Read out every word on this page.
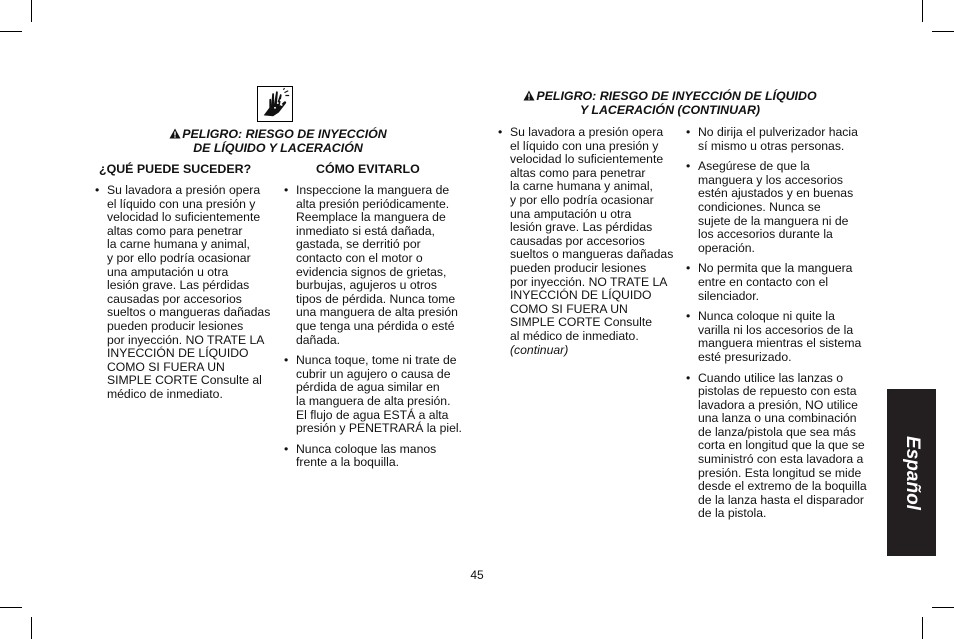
PELIGRO: RIESGO DE INYECCIÓN
DE LÍQUIDO Y LACERACIÓN
¿QUÉ PUEDE SUCEDER?	CÓMO EVITARLO
• Su lavadora a presión opera
el líquido con una presión y
velocidad lo suficientemente
altas como para penetrar
la carne humana y animal,
y por ello podría ocasionar
una amputación u otra
lesión grave. Las pérdidas
causadas por accesorios
sueltos o mangueras dañadas
pueden producir lesiones
por inyección. NO TRATE LA
INYECCIÓN DE LÍQUIDO
COMO SI FUERA UN
SIMPLE CORTE Consulte al
médico de inmediato.
• Inspeccione la manguera de
alta presión periódicamente.
Reemplace la manguera de
inmediato si está dañada,
gastada, se derritió por
contacto con el motor o
evidencia signos de grietas,
burbujas, agujeros u otros
tipos de pérdida. Nunca tome
una manguera de alta presión
que tenga una pérdida o esté
dañada.
• Nunca toque, tome ni trate de
cubrir un agujero o causa de
pérdida de agua similar en
la manguera de alta presión.
El flujo de agua ESTÁ a alta
presión y PENETRARÁ la piel.
• Nunca coloque las manos
frente a la boquilla.
PELIGRO: RIESGO DE INYECCIÓN DE LÍQUIDO
Y LACERACIÓN (CONTINUAR)
• Su lavadora a presión opera
el líquido con una presión y
velocidad lo suficientemente
altas como para penetrar
la carne humana y animal,
y por ello podría ocasionar
una amputación u otra
lesión grave. Las pérdidas
causadas por accesorios
sueltos o mangueras dañadas
pueden producir lesiones
por inyección. NO TRATE LA
INYECCIÓN DE LÍQUIDO
COMO SI FUERA UN
SIMPLE CORTE Consulte
al médico de inmediato.
(continuar)
• No dirija el pulverizador hacia
sí mismo u otras personas.
• Asegúrese de que la
manguera y los accesorios
estén ajustados y en buenas
condiciones. Nunca se
sujete de la manguera ni de
los accesorios durante la
operación.
• No permita que la manguera
entre en contacto con el
silenciador.
• Nunca coloque ni quite la
varilla ni los accesorios de la
manguera mientras el sistema
esté presurizado.
• Cuando utilice las lanzas o
pistolas de repuesto con esta
lavadora a presión, NO utilice
una lanza o una combinación
de lanza/pistola que sea más
corta en longitud que la que se
suministró con esta lavadora a
presión. Esta longitud se mide
desde el extremo de la boquilla
de la lanza hasta el disparador
de la pistola.
Español
45
